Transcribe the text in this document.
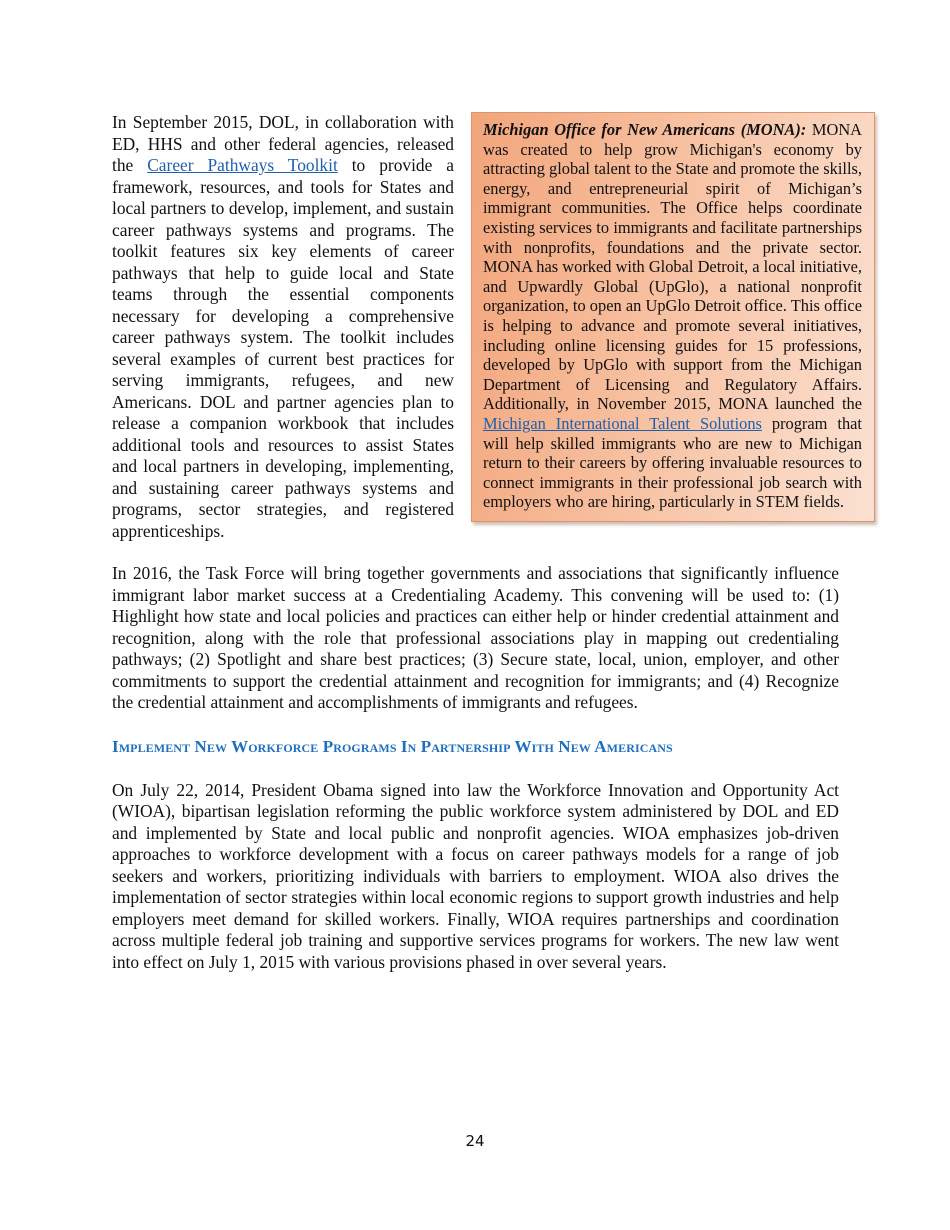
Michigan Office for New Americans (MONA): MONA was created to help grow Michigan's economy by attracting global talent to the State and promote the skills, energy, and entrepreneurial spirit of Michigan’s immigrant communities. The Office helps coordinate existing services to immigrants and facilitate partnerships with nonprofits, foundations and the private sector. MONA has worked with Global Detroit, a local initiative, and Upwardly Global (UpGlo), a national nonprofit organization, to open an UpGlo Detroit office. This office is helping to advance and promote several initiatives, including online licensing guides for 15 professions, developed by UpGlo with support from the Michigan Department of Licensing and Regulatory Affairs. Additionally, in November 2015, MONA launched the Michigan International Talent Solutions program that will help skilled immigrants who are new to Michigan return to their careers by offering invaluable resources to connect immigrants in their professional job search with employers who are hiring, particularly in STEM fields.
In September 2015, DOL, in collaboration with ED, HHS and other federal agencies, released the Career Pathways Toolkit to provide a framework, resources, and tools for States and local partners to develop, implement, and sustain career pathways systems and programs. The toolkit features six key elements of career pathways that help to guide local and State teams through the essential components necessary for developing a comprehensive career pathways system. The toolkit includes several examples of current best practices for serving immigrants, refugees, and new Americans. DOL and partner agencies plan to release a companion workbook that includes additional tools and resources to assist States and local partners in developing, implementing, and sustaining career pathways systems and programs, sector strategies, and registered apprenticeships.

In 2016, the Task Force will bring together governments and associations that significantly influence immigrant labor market success at a Credentialing Academy. This convening will be used to: (1) Highlight how state and local policies and practices can either help or hinder credential attainment and recognition, along with the role that professional associations play in mapping out credentialing pathways; (2) Spotlight and share best practices; (3) Secure state, local, union, employer, and other commitments to support the credential attainment and recognition for immigrants; and (4) Recognize the credential attainment and accomplishments of immigrants and refugees.

Implement New Workforce Programs In Partnership With New Americans

On July 22, 2014, President Obama signed into law the Workforce Innovation and Opportunity Act (WIOA), bipartisan legislation reforming the public workforce system administered by DOL and ED and implemented by State and local public and nonprofit agencies. WIOA emphasizes job-driven approaches to workforce development with a focus on career pathways models for a range of job seekers and workers, prioritizing individuals with barriers to employment. WIOA also drives the implementation of sector strategies within local economic regions to support growth industries and help employers meet demand for skilled workers. Finally, WIOA requires partnerships and coordination across multiple federal job training and supportive services programs for workers. The new law went into effect on July 1, 2015 with various provisions phased in over several years.

24
